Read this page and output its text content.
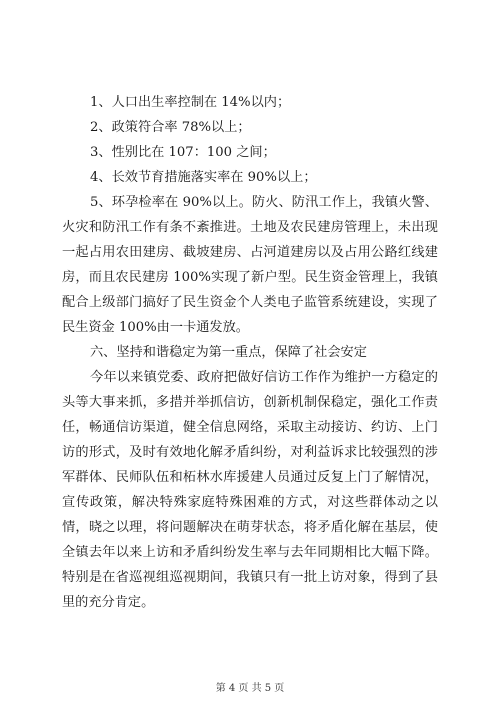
1、人口出生率控制在 14%以内；
2、政策符合率 78%以上；
3、性别比在 107：100 之间；
4、长效节育措施落实率在 90%以上；

5、环孕检率在 90%以上。防火、防汛工作上，我镇火警、火灾和防汛工作有条不紊推进。土地及农民建房管理上，未出现一起占用农田建房、截坡建房、占河道建房以及占用公路红线建房，而且农民建房 100%实现了新户型。民生资金管理上，我镇配合上级部门搞好了民生资金个人类电子监管系统建设，实现了民生资金 100%由一卡通发放。

六、坚持和谐稳定为第一重点，保障了社会安定

今年以来镇党委、政府把做好信访工作作为维护一方稳定的头等大事来抓，多措并举抓信访，创新机制保稳定，强化工作责任，畅通信访渠道，健全信息网络，采取主动接访、约访、上门访的形式，及时有效地化解矛盾纠纷，对利益诉求比较强烈的涉军群体、民师队伍和柘林水库援建人员通过反复上门了解情况，宣传政策，解决特殊家庭特殊困难的方式，对这些群体动之以情，晓之以理，将问题解决在萌芽状态，将矛盾化解在基层，使全镇去年以来上访和矛盾纠纷发生率与去年同期相比大幅下降。特别是在省巡视组巡视期间，我镇只有一批上访对象，得到了县里的充分肯定。

第 4 页 共 5 页
